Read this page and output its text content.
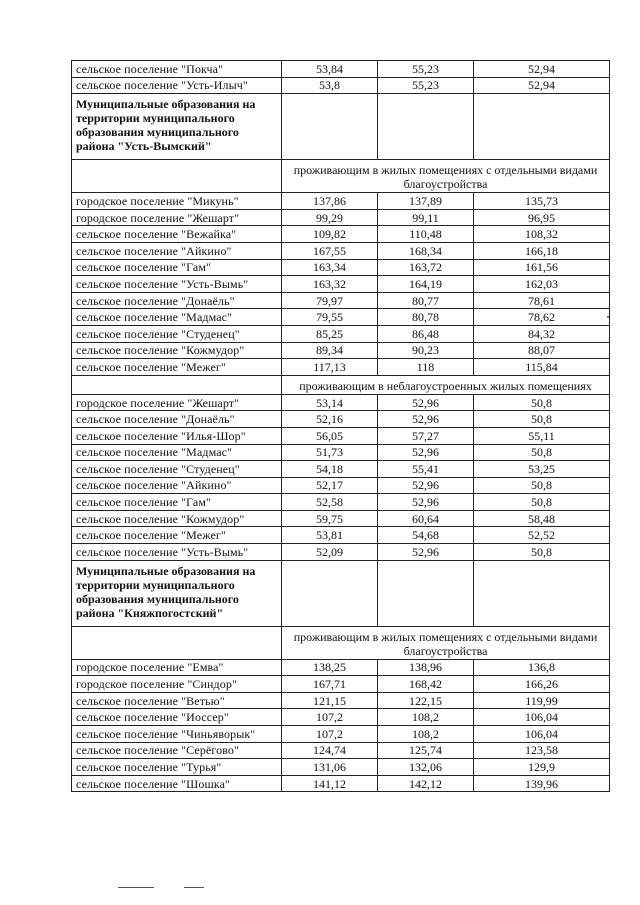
сельское поселение "Покча"	53,84	55,23	52,94
сельское поселение "Усть-Илыч"	53,8	55,23	52,94
Муниципальные образования на территории муниципального образования муниципального района "Усть-Вымский"			
	проживающим в жилых помещениях с отдельными видами благоустройства		
городское поселение "Микунь"	137,86	137,89	135,73
городское поселение "Жешарт"	99,29	99,11	96,95
сельское поселение "Вежайка"	109,82	110,48	108,32
сельское поселение "Айкино"	167,55	168,34	166,18
сельское поселение "Гам"	163,34	163,72	161,56
сельское поселение "Усть-Вымь"	163,32	164,19	162,03
сельское поселение "Донаёль"	79,97	80,77	78,61
сельское поселение "Мадмас"	79,55	80,78	78,62
сельское поселение "Студенец"	85,25	86,48	84,32
сельское поселение "Кожмудор"	89,34	90,23	88,07
сельское поселение "Межег"	117,13	118	115,84
	проживающим в неблагоустроенных жилых помещениях		
городское поселение "Жешарт"	53,14	52,96	50,8
сельское поселение "Донаёль"	52,16	52,96	50,8
сельское поселение "Илья-Шор"	56,05	57,27	55,11
сельское поселение "Мадмас"	51,73	52,96	50,8
сельское поселение "Студенец"	54,18	55,41	53,25
сельское поселение "Айкино"	52,17	52,96	50,8
сельское поселение "Гам"	52,58	52,96	50,8
сельское поселение "Кожмудор"	59,75	60,64	58,48
сельское поселение "Межег"	53,81	54,68	52,52
сельское поселение "Усть-Вымь"	52,09	52,96	50,8
Муниципальные образования на территории муниципального образования муниципального района "Княжпогостский"			
	проживающим в жилых помещениях с отдельными видами благоустройства		
городское поселение "Емва"	138,25	138,96	136,8
городское поселение "Синдор"	167,71	168,42	166,26
сельское поселение "Ветью"	121,15	122,15	119,99
сельское поселение "Иоссер"	107,2	108,2	106,04
сельское поселение "Чиньяворык"	107,2	108,2	106,04
сельское поселение "Серёгово"	124,74	125,74	123,58
сельское поселение "Турья"	131,06	132,06	129,9
сельское поселение "Шошка"	141,12	142,12	139,96
